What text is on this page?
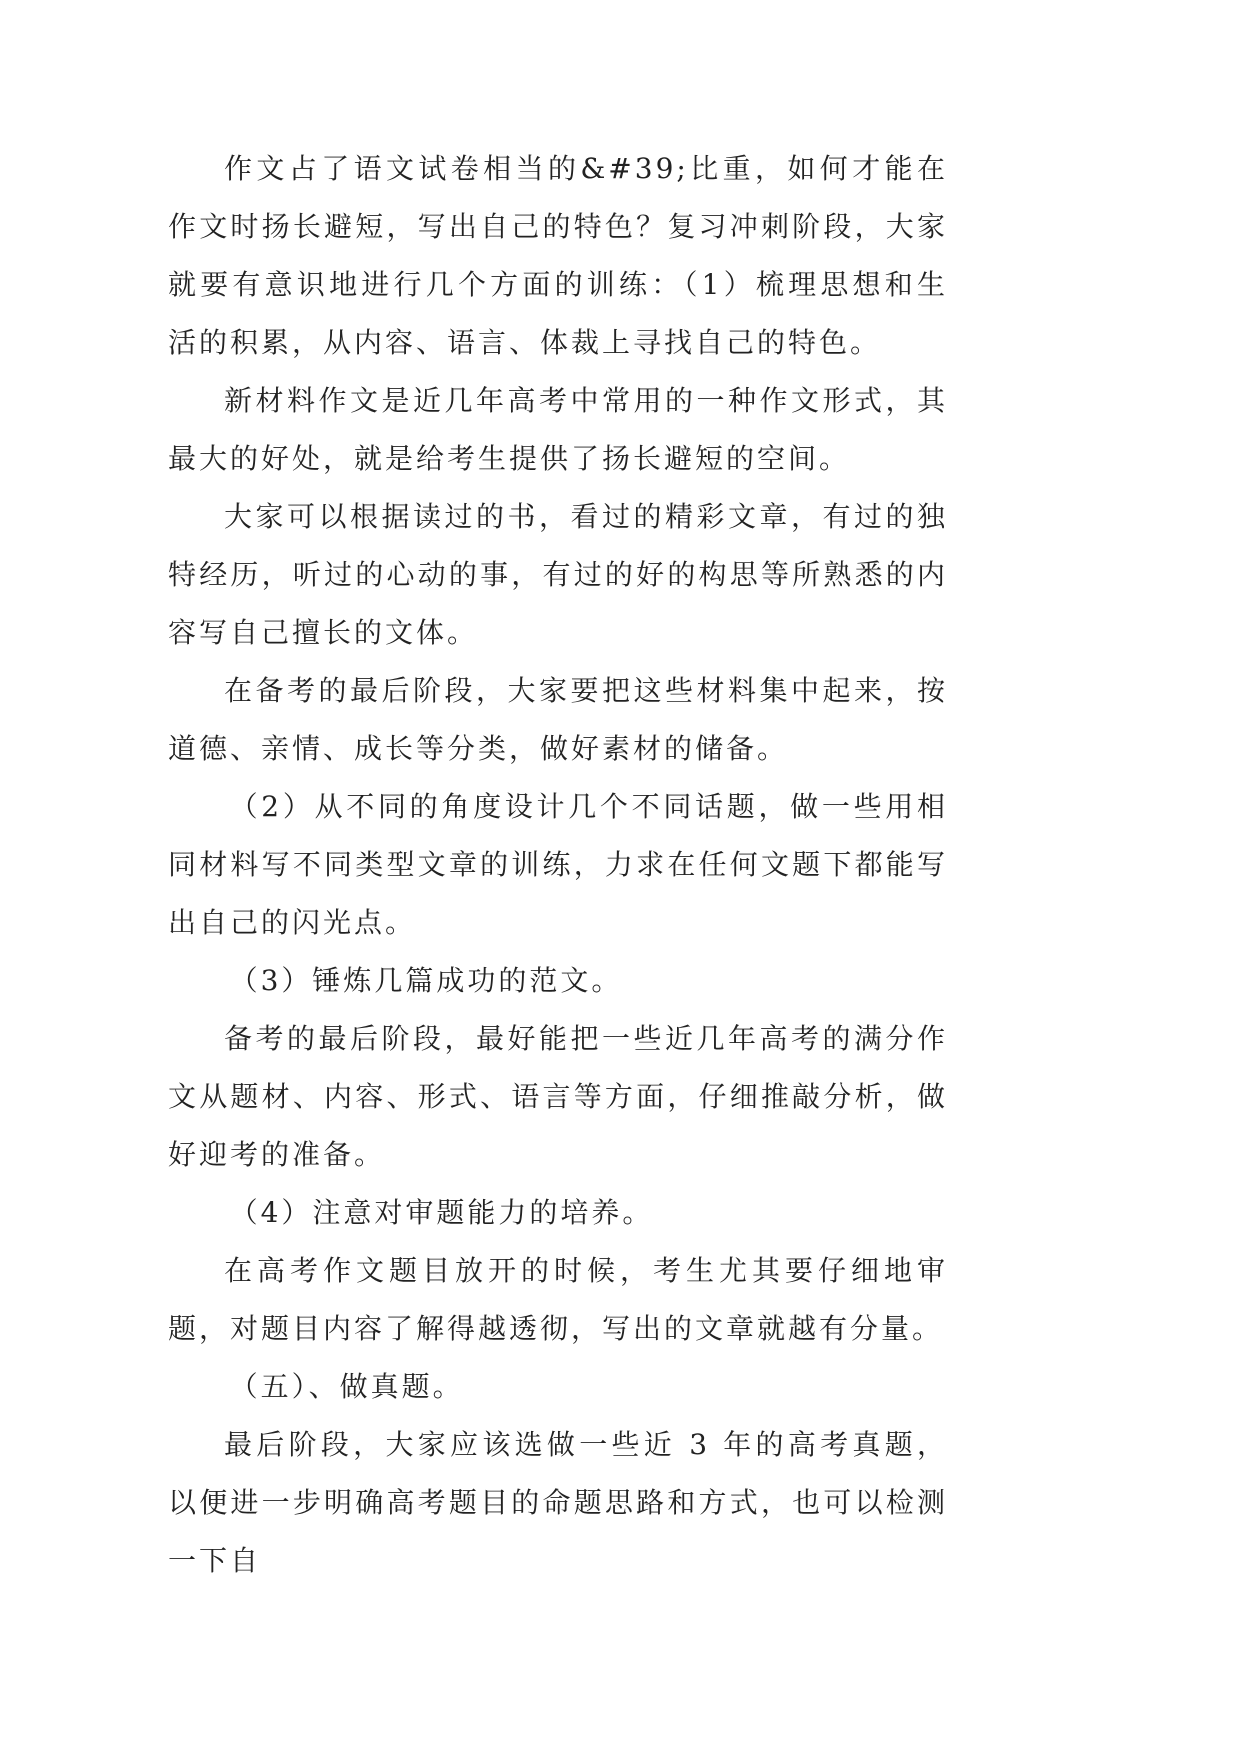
作文占了语文试卷相当的&#39;比重，如何才能在作文时扬长避短，写出自己的特色？复习冲刺阶段，大家就要有意识地进行几个方面的训练：（1）梳理思想和生活的积累，从内容、语言、体裁上寻找自己的特色。

新材料作文是近几年高考中常用的一种作文形式，其最大的好处，就是给考生提供了扬长避短的空间。

大家可以根据读过的书，看过的精彩文章，有过的独特经历，听过的心动的事，有过的好的构思等所熟悉的内容写自己擅长的文体。

在备考的最后阶段，大家要把这些材料集中起来，按道德、亲情、成长等分类，做好素材的储备。

（2）从不同的角度设计几个不同话题，做一些用相同材料写不同类型文章的训练，力求在任何文题下都能写出自己的闪光点。

（3）锤炼几篇成功的范文。

备考的最后阶段，最好能把一些近几年高考的满分作文从题材、内容、形式、语言等方面，仔细推敲分析，做好迎考的准备。

（4）注意对审题能力的培养。

在高考作文题目放开的时候，考生尤其要仔细地审题，对题目内容了解得越透彻，写出的文章就越有分量。

（五）、做真题。

最后阶段，大家应该选做一些近 3 年的高考真题，以便进一步明确高考题目的命题思路和方式，也可以检测一下自
